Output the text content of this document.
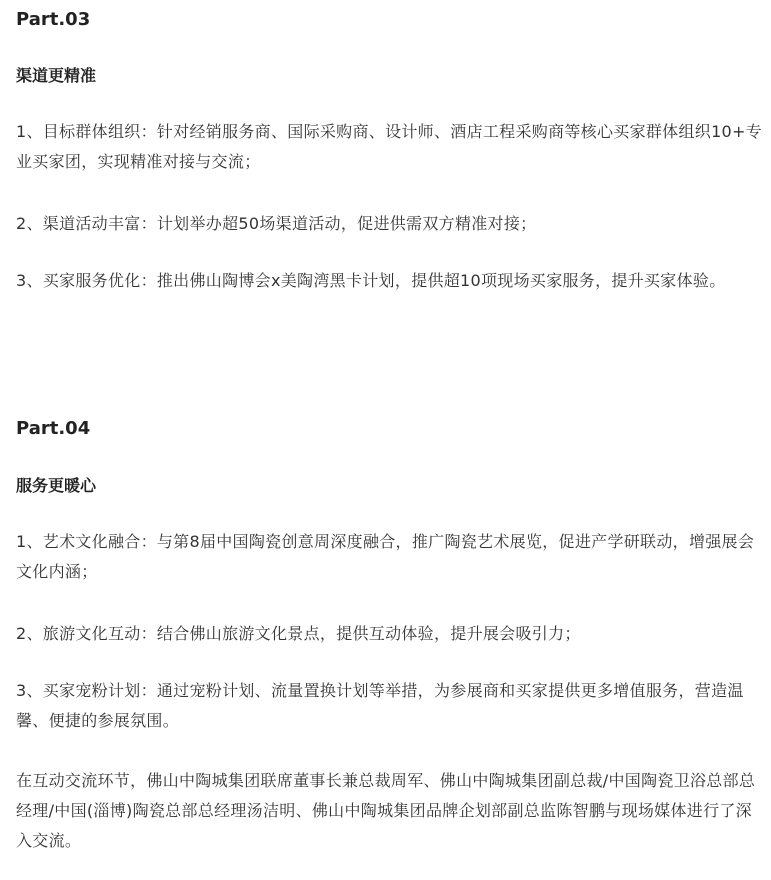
Part.03
渠道更精准

1、目标群体组织：针对经销服务商、国际采购商、设计师、酒店工程采购商等核心买家群体组织10+专业买家团，实现精准对接与交流；

2、渠道活动丰富：计划举办超50场渠道活动，促进供需双方精准对接；

3、买家服务优化：推出佛山陶博会x美陶湾黑卡计划，提供超10项现场买家服务，提升买家体验。

Part.04
服务更暖心

1、艺术文化融合：与第8届中国陶瓷创意周深度融合，推广陶瓷艺术展览，促进产学研联动，增强展会文化内涵；

2、旅游文化互动：结合佛山旅游文化景点，提供互动体验，提升展会吸引力；

3、买家宠粉计划：通过宠粉计划、流量置换计划等举措，为参展商和买家提供更多增值服务，营造温馨、便捷的参展氛围。

在互动交流环节，佛山中陶城集团联席董事长兼总裁周军、佛山中陶城集团副总裁/中国陶瓷卫浴总部总经理/中国(淄博)陶瓷总部总经理汤洁明、佛山中陶城集团品牌企划部副总监陈智鹏与现场媒体进行了深入交流。
